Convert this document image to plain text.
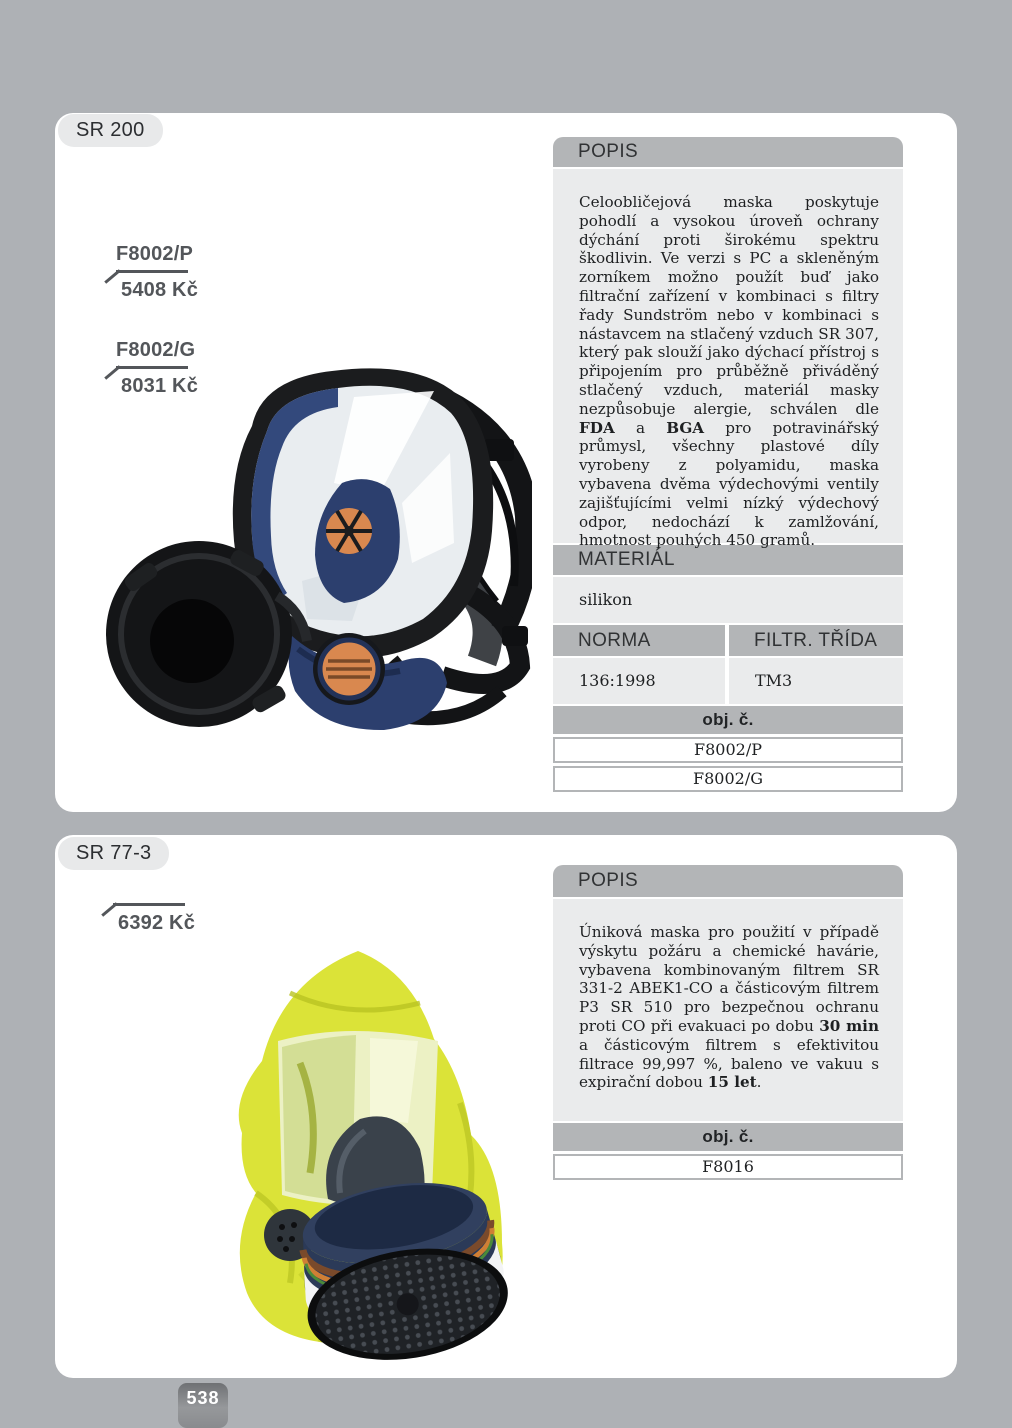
F8002/P
5408 Kč
F8002/G
8031 Kč
POPIS
Celoobličejová maska poskytuje pohodlí a vysokou úroveň ochrany dýchání proti širokému spektru škodlivin. Ve verzi s PC a skleněným zorníkem možno použít buď jako filtrační zařízení v kombinaci s filtry řady Sundström nebo v kombinaci s nástavcem na stlačený vzduch SR 307, který pak slouží jako dýchací přístroj s připojením pro průběžně přiváděný stlačený vzduch, materiál masky nezpůsobuje alergie, schválen dle FDA a BGA pro potravinářský průmysl, všechny plastové díly vyrobeny z polyamidu, maska vybavena dvěma výdechovými ventily zajišťujícími velmi nízký výdechový odpor, nedochází k zamlžování, hmotnost pouhých 450 gramů.
MATERIÁL
silikon
NORMA	FILTR. TŘÍDA
136:1998	TM3
obj. č.
F8002/P
F8002/G
6392 Kč
POPIS
Úniková maska pro použití v případě výskytu požáru a chemické havárie, vybavena kombinovaným filtrem SR 331-2 ABEK1-CO a částicovým filtrem P3 SR 510 pro bezpečnou ochranu proti CO při evakuaci po dobu 30 min a částicovým filtrem s efektivitou filtrace 99,997 %, baleno ve vakuu s expirační dobou 15 let.
obj. č.
F8016
SR 200
SR 77-3
538
